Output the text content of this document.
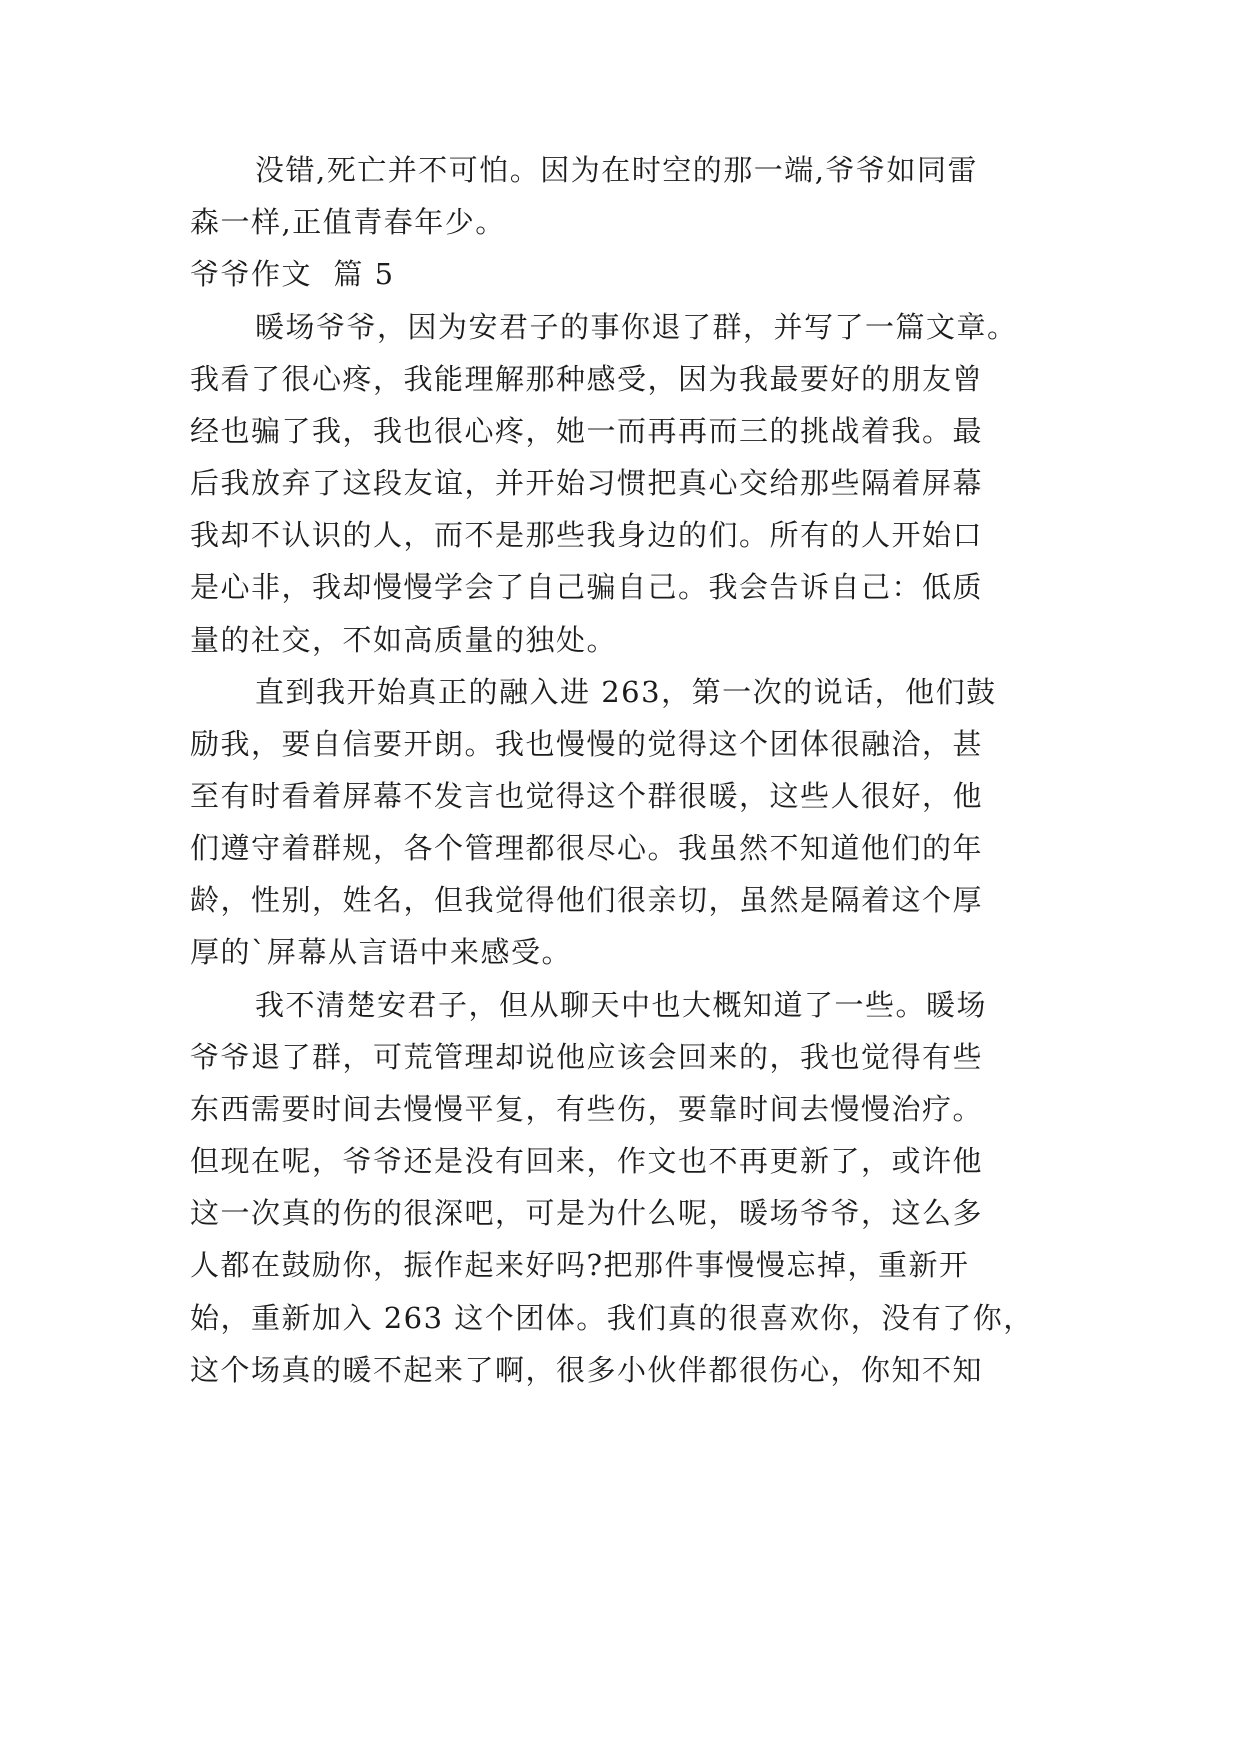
没错,死亡并不可怕。因为在时空的那一端,爷爷如同雷
森一样,正值青春年少。
爷爷作文  篇 5
暖场爷爷，因为安君子的事你退了群，并写了一篇文章。
我看了很心疼，我能理解那种感受，因为我最要好的朋友曾
经也骗了我，我也很心疼，她一而再再而三的挑战着我。最
后我放弃了这段友谊，并开始习惯把真心交给那些隔着屏幕
我却不认识的人，而不是那些我身边的们。所有的人开始口
是心非，我却慢慢学会了自己骗自己。我会告诉自己：低质
量的社交，不如高质量的独处。
直到我开始真正的融入进 263，第一次的说话，他们鼓
励我，要自信要开朗。我也慢慢的觉得这个团体很融洽，甚
至有时看着屏幕不发言也觉得这个群很暖，这些人很好，他
们遵守着群规，各个管理都很尽心。我虽然不知道他们的年
龄，性别，姓名，但我觉得他们很亲切，虽然是隔着这个厚
厚的`屏幕从言语中来感受。
我不清楚安君子，但从聊天中也大概知道了一些。暖场
爷爷退了群，可荒管理却说他应该会回来的，我也觉得有些
东西需要时间去慢慢平复，有些伤，要靠时间去慢慢治疗。
但现在呢，爷爷还是没有回来，作文也不再更新了，或许他
这一次真的伤的很深吧，可是为什么呢，暖场爷爷，这么多
人都在鼓励你，振作起来好吗?把那件事慢慢忘掉，重新开
始，重新加入 263 这个团体。我们真的很喜欢你，没有了你，
这个场真的暖不起来了啊，很多小伙伴都很伤心，你知不知
